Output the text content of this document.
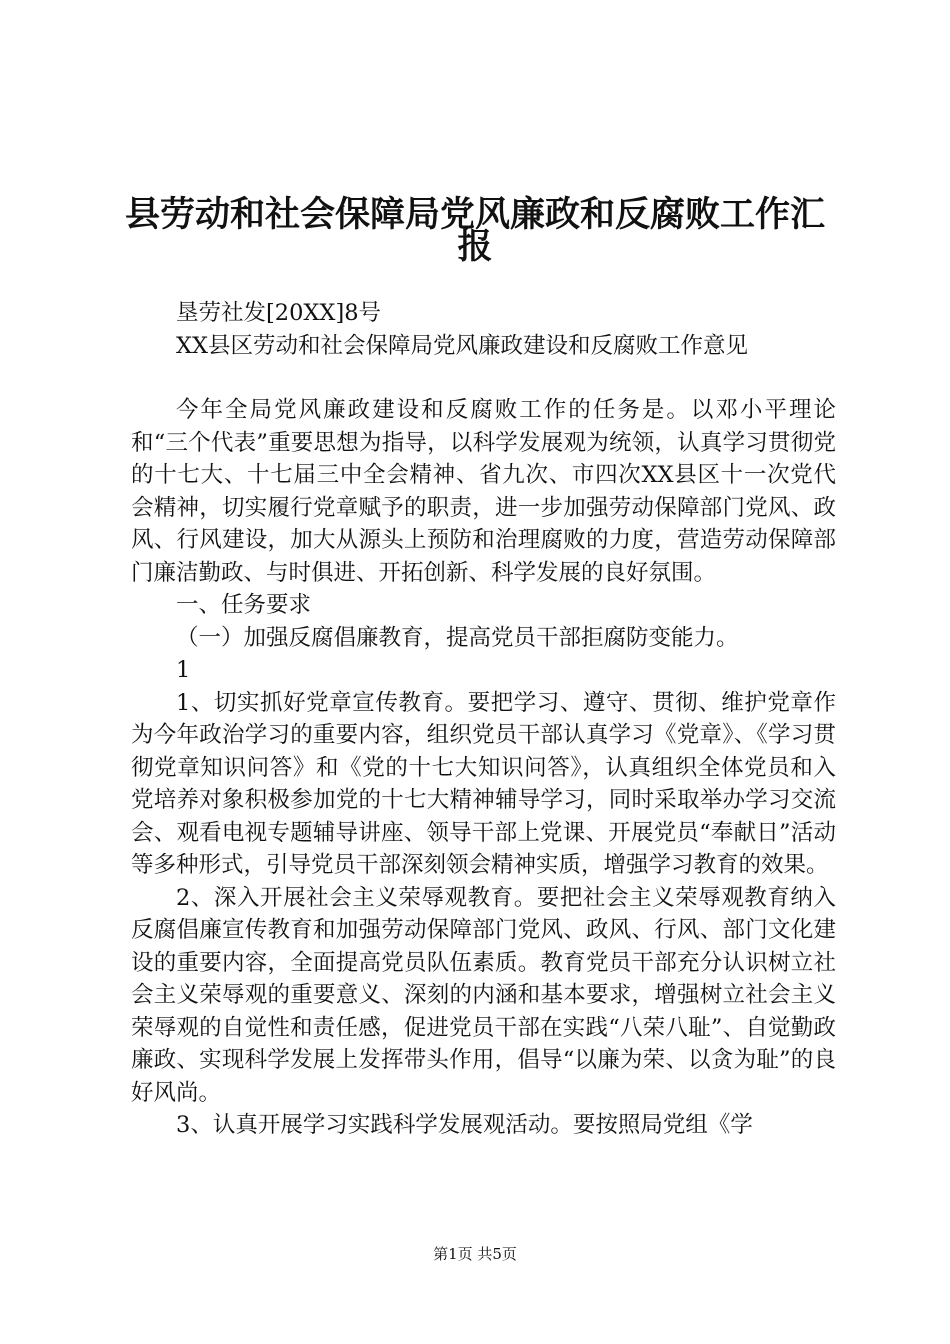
县劳动和社会保障局党风廉政和反腐败工作汇
报

垦劳社发[20XX]8号

XX县区劳动和社会保障局党风廉政建设和反腐败工作意见

今年全局党风廉政建设和反腐败工作的任务是。以邓小平理论和“三个代表”重要思想为指导，以科学发展观为统领，认真学习贯彻党的十七大、十七届三中全会精神、省九次、市四次XX县区十一次党代会精神，切实履行党章赋予的职责，进一步加强劳动保障部门党风、政风、行风建设，加大从源头上预防和治理腐败的力度，营造劳动保障部门廉洁勤政、与时俱进、开拓创新、科学发展的良好氛围。

一、任务要求

（一）加强反腐倡廉教育，提高党员干部拒腐防变能力。

1

1、切实抓好党章宣传教育。要把学习、遵守、贯彻、维护党章作为今年政治学习的重要内容，组织党员干部认真学习《党章》、《学习贯彻党章知识问答》和《党的十七大知识问答》，认真组织全体党员和入党培养对象积极参加党的十七大精神辅导学习，同时采取举办学习交流会、观看电视专题辅导讲座、领导干部上党课、开展党员“奉献日”活动等多种形式，引导党员干部深刻领会精神实质，增强学习教育的效果。

2、深入开展社会主义荣辱观教育。要把社会主义荣辱观教育纳入反腐倡廉宣传教育和加强劳动保障部门党风、政风、行风、部门文化建设的重要内容，全面提高党员队伍素质。教育党员干部充分认识树立社会主义荣辱观的重要意义、深刻的内涵和基本要求，增强树立社会主义荣辱观的自觉性和责任感，促进党员干部在实践“八荣八耻”、自觉勤政廉政、实现科学发展上发挥带头作用，倡导“以廉为荣、以贪为耻”的良好风尚。

3、认真开展学习实践科学发展观活动。要按照局党组《学

第1页 共5页
